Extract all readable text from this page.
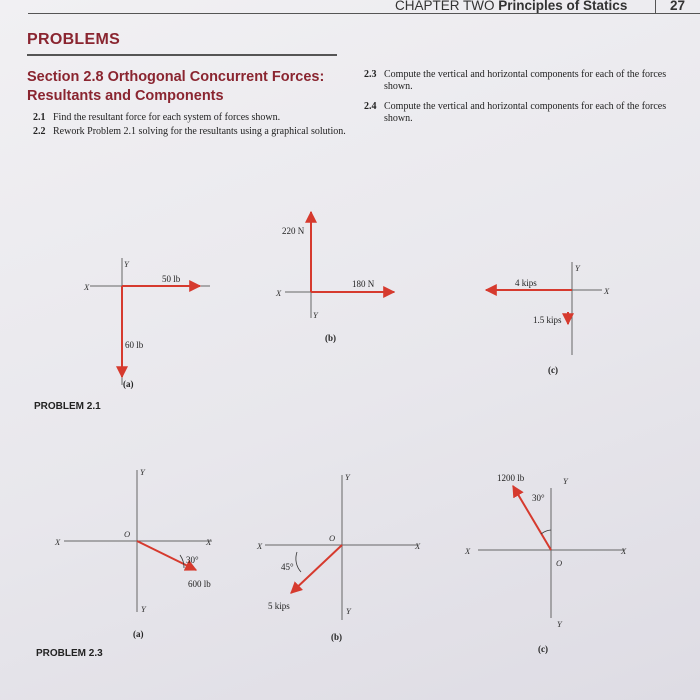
CHAPTER TWO Principles of Statics	27
PROBLEMS
Section 2.8 Orthogonal Concurrent Forces: Resultants and Components
2.1 Find the resultant force for each system of forces shown.
2.2 Rework Problem 2.1 solving for the resultants using a graphical solution.
2.3 Compute the vertical and horizontal components for each of the forces shown.
2.4 Compute the vertical and horizontal components for each of the forces shown.
X
Y
50 lb
60 lb
(a)
X
Y
220 N
180 N
(b)
X
Y
4 kips
1.5 kips
(c)
X	X
Y
Y
O
30°
600 lb
(a)
X	X
Y
Y
O
45°
5 kips
(b)
X	X
Y
Y
O
30°
1200 lb
(c)
PROBLEM 2.1
PROBLEM 2.3
